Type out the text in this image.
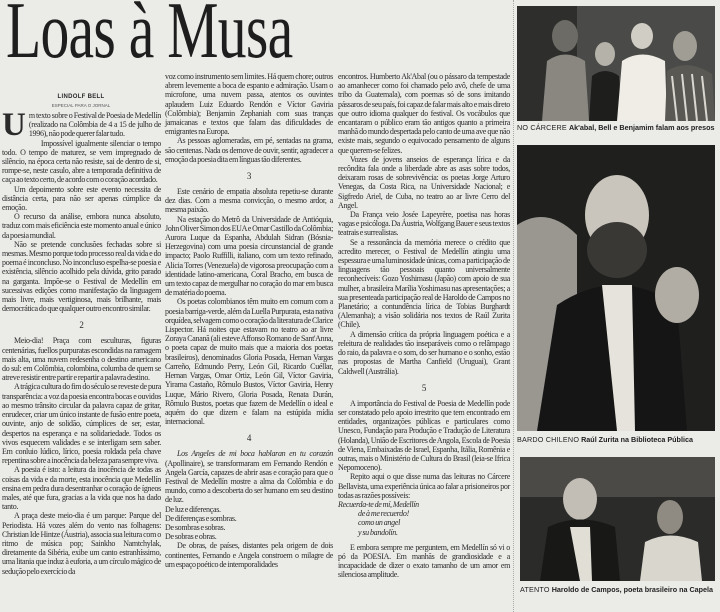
Loas à Musa
LINDOLF BELL
ESPECIAL PARA O JORNAL

Um texto sobre o Festival de Poesia de Medellín (realizado na Colômbia de 4 a 15 de julho de 1996), não pode querer falar tudo.

Impossível igualmente silenciar o tempo todo. O tempo de maturez, se vem impregnado de silêncio, na época certa não resiste, sai de dentro de si, rompe-se, neste casulo, abre a temporada definitiva de caça ao texto certo, de acordo com o coração acordado.

Um depoimento sobre este evento necessita de distância certa, para não ser apenas cúmplice da emoção.

O recurso da análise, embora nunca absoluto, traduz com mais eficiência este momento anual e único da poesia mundial.

Não se pretende conclusões fechadas sobre si mesmas. Mesmo porque todo processo real da vida e do poema é inconcluso. No inconcluso espelha-se poesia e existência, silêncio acolhido pela dúvida, grito parado na garganta. Impõe-se o Festival de Medellín em sucessivas edições como manifestação da linguagem mais livre, mais vertiginosa, mais brilhante, mais democrática do que qualquer outro encontro similar.

2

Meio-dia! Praça com esculturas, figuras centenárias, fuellos purpuratas escondidas na ramagem mais alta, uma nuvem redesenha o destino americano do sul: em Colômbia, colombina, columba de quem se atreve resistir entre partir e repartir a palavra destino.

A trágica cultura do fim do século se reveste de pura transparência: a voz da poesia encontra bocas e ouvidos ao mesmo trânsito circular da palavra capaz de gritar, enrudecer, criar um único instante de fusão entre poeta, ouvinte, anjo de solidão, cúmplices de ser, estar, despertos na esperança e na solidariedade. Todos os vivos esquecem validades e se interligam sem saber. Em conluio lúdico, lírico, poesia roldada pela chave repentina sobre a inocência da beleza para sempre viva.

A poesia é isto: a leitura da inocência de todas as coisas da vida e da morte, esta inocência que Medellín ensina em pedra dura desentranhar o coração de ígneos males, até que fura, gracias a la vida que nos ha dado tanto.

A praça deste meio-dia é um parque: Parque del Periodista. Há vozes além do vento nas folhagens: Christian Ide Hintze (Áustria), associa sua leitura com o ritmo de música pop; Sainkho Namtchylak, diretamente da Sibéria, exibe um canto estranhíssimo, uma litania que induz à euforia, a um círculo mágico de sedução pelo exercício da

voz como instrumento sem limites. Há quem chore; outros abrem levemente a boca de espanto e admiração. Usam o microfone, uma nuvem passa, atentos os ouvintes aplaudem Luiz Eduardo Rendón e Víctor Gaviria (Colômbia); Benjamin Zephaniah com suas tranças jamaicanas e textos que falam das dificuldades de emigrantes na Europa.

As pessoas aglomeradas, em pé, sentadas na grama, são centenas. Nada os demove de ouvir, sentir, agradecer a emoção da poesia dita em línguas tão diferentes.

3

Este cenário de empatia absoluta repetiu-se durante dez dias. Com a mesma convicção, o mesmo ardor, a mesma paixão.

Na estação do Metrô da Universidade de Antióquia, John Oliver Simon dos EUA e Omar Castillo da Colômbia; Aurora Luque da Espanha, Abdulah Sidran (Bósnia-Herzegovina) com uma poesia circunstancial de grande impacto; Paolo Ruffilli, italiano, com um texto refinado, Alicia Torres (Venezuela) de vigorosa preocupação com a identidade latino-americana, Coral Bracho, em busca de um texto capaz de mergulhar no coração do mar em busca de matéria do poema.

Os poetas colombianos têm muito em comum com a poesia barriga-verde, além da Luella Purpurata, esta nativa orquídea, selvagem como o coração da literatura de Clarice Lispector. Há noites que estavam no teatro ao ar livre Zoraya Cananã (ali esteve Affonso Romano de Sant'Anna, o poeta capaz de muito mais que a maioria dos poetas brasileiros), denominados Gloria Posada, Hernan Vargas Carreño, Edmundo Perry, León Gil, Ricardo Cuéllar, Hernan Vargas, Omar Ortiz, León Gil, Víctor Gaviria, Yirama Castaño, Rômulo Bustos, Víctor Gaviria, Henry Luque, Mário Rivero, Gloria Posada, Renata Durán, Rômulo Bustos, poetas que fazem de Medellín o ideal e aquém do que dizem e falam na estúpida mídia internacional.

4

Los Angeles de mi boca hablaran en tu corazón (Apollinaire), se transformaram em Fernando Rendón e Angela García, capazes de abrir asas e coração para que o Festival de Medellín mostre a alma da Colômbia e do mundo, como a descoberta do ser humano em seu destino de luz.

De luz e diferenças.

De diferenças e sombras.

De sombras e sobras.

De sobras e obras.

De obras, de países, distantes pela origem de dois continentes, Fernando e Angela constroem o milagre de um espaço poético de intemporalidades

encontros. Humberto Ak'Abal (ou o pássaro da tempestade ao amanhecer como foi chamado pelo avô, chefe de uma tribo da Guatemala), com poemas só de sons imitando pássaros de seu país, foi capaz de falar mais alto e mais direto que outro idioma qualquer do festival. Os vocábulos que encantaram o público eram tão antigos quanto a primeira manhã do mundo despertada pelo canto de uma ave que não existe mais, segundo o equivocado pensamento de alguns que querem-se felizes.

Vozes de jovens anseios de esperança lírica e da recôndita fala onde a liberdade abre as asas sobre todos, deixaram rosas de sobrevivência: os poetas Jorge Arturo Venegas, da Costa Rica, na Universidade Nacional; e Sigfredo Ariel, de Cuba, no teatro ao ar livre Cerro del Angel.

Da França veio Josée Lapeyrère, poetisa nas horas vagas e psicóloga. Da Áustria, Wolfgang Bauer e seus textos teatrais e surrealistas.

Se a ressonância da memória merece o crédito que acredito merecer, o Festival de Medellín atingiu uma espessura e uma luminosidade únicas, com a participação de linguagens tão pessoais quanto universalmente reconhecíveis: Gozo Yoshimasu (Japão) com apoio de sua mulher, a brasileira Marília Yoshimasu nas apresentações; a sua presenteada participação real de Haroldo de Campos no Planetário; a contundência lírica de Tobias Burghardt (Alemanha); a visão solidária nos textos de Raúl Zurita (Chile).

A dimensão crítica da própria linguagem poética e a releitura de realidades tão inseparáveis como o relâmpago do raio, da palavra e o som, do ser humano e o sonho, estão nas propostas de Martha Canfield (Uruguai), Grant Caldwell (Austrália).

5

A importância do Festival de Poesia de Medellín pode ser constatado pelo apoio irrestrito que tem encontrado em entidades, organizações públicas e particulares como Unesco, Fundação para Produção e Tradução de Literatura (Holanda), União de Escritores de Angola, Escola de Poesia de Viena, Embaixadas de Israel, Espanha, Itália, Romênia e outras, mais o Ministério de Cultura do Brasil (leia-se Ifrica Nepomoceno).

Repito aqui o que disse numa das leituras no Cárcere Bellavista, uma experiência única ao falar a prisioneiros por todas as razões possíveis:

Recuerda-te de mí, Medellín

de à me recuerdo!

como un angel

y su bandolín.

E embora sempre me perguntem, em Medellín só vi o pó da POESIA. Em manhãs de grandiosidade e a incapacidade de dizer o exato tamanho de um amor em silenciosa amplitude.

NO CÁRCERE Ak'abal, Bell e Benjamim falam aos presos
BARDO CHILENO Raúl Zurita na Biblioteca Pública
ATENTO Haroldo de Campos, poeta brasileiro na Capela
